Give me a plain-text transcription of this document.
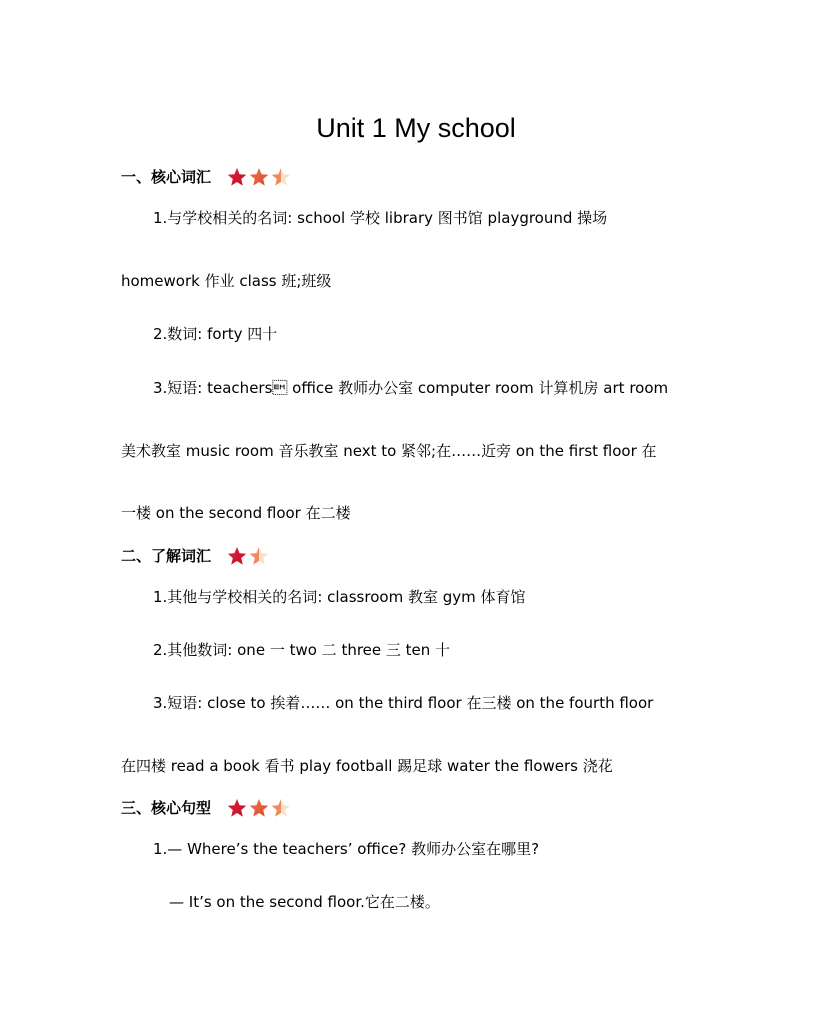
Unit 1 My school
一、核心词汇
1.与学校相关的名词: school 学校 library 图书馆 playground 操场
homework 作业 class 班;班级
2.数词: forty 四十
3.短语: teachers office 教师办公室 computer room 计算机房 art room
美术教室 music room 音乐教室 next to 紧邻;在……近旁 on the first floor 在
一楼 on the second floor 在二楼
二、了解词汇
1.其他与学校相关的名词: classroom 教室 gym 体育馆
2.其他数词: one 一 two 二 three 三 ten 十
3.短语: close to 挨着…… on the third floor 在三楼 on the fourth floor
在四楼 read a book 看书 play football 踢足球 water the flowers 浇花
三、核心句型
1.— Where’s the teachers’ office? 教师办公室在哪里?
— It’s on the second floor.它在二楼。
